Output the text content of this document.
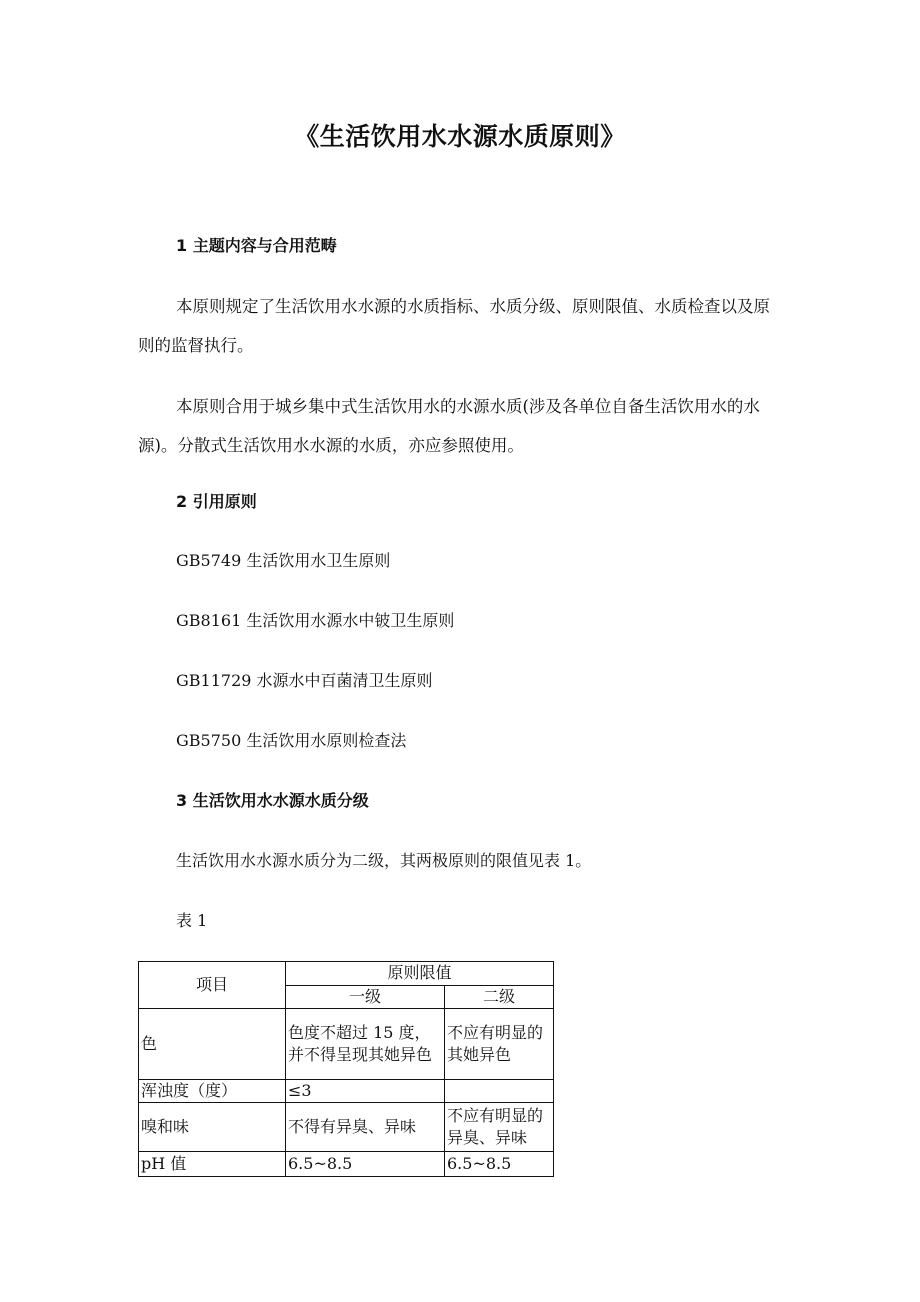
《生活饮用水水源水质原则》
1 主题内容与合用范畴

本原则规定了生活饮用水水源的水质指标、水质分级、原则限值、水质检查以及原则的监督执行。

本原则合用于城乡集中式生活饮用水的水源水质(涉及各单位自备生活饮用水的水源)。分散式生活饮用水水源的水质，亦应参照使用。

2 引用原则
GB5749 生活饮用水卫生原则
GB8161 生活饮用水源水中铍卫生原则
GB11729 水源水中百菌清卫生原则
GB5750 生活饮用水原则检查法
3 生活饮用水水源水质分级
生活饮用水水源水质分为二级，其两极原则的限值见表 1。
表 1
项目	原则限值	
	一级	二级
色	色度不超过 15 度，并不得呈现其她异色	不应有明显的其她异色
浑浊度（度）	≤3	
嗅和味	不得有异臭、异味	不应有明显的异臭、异味
pH 值	6.5~8.5	6.5~8.5
